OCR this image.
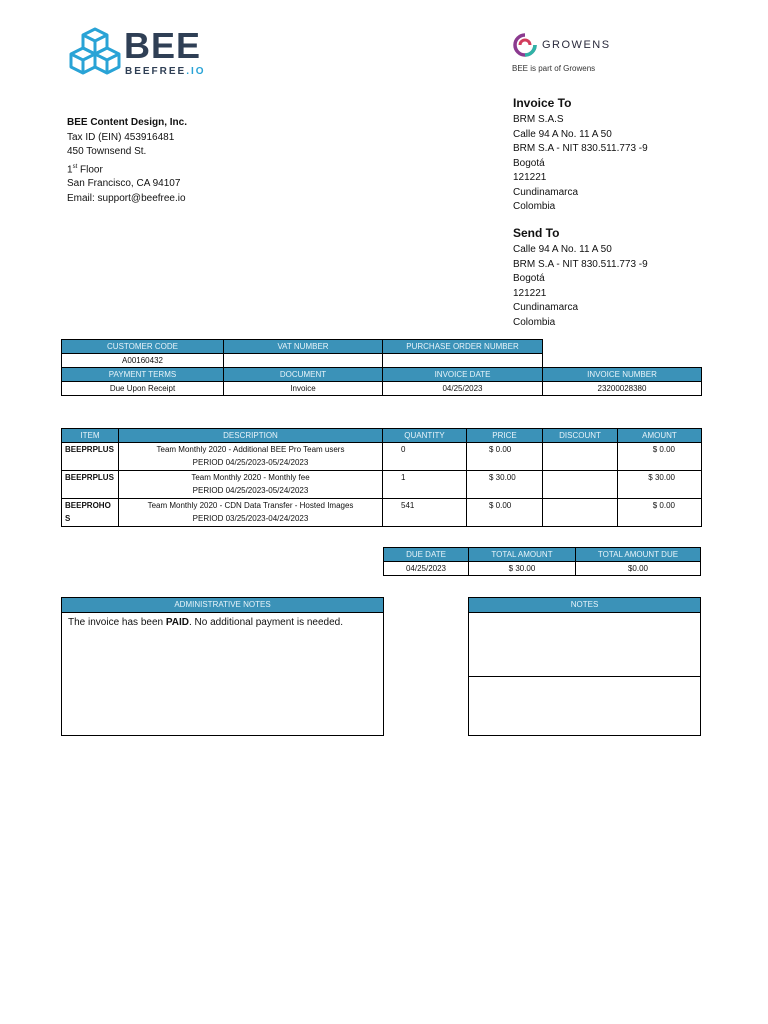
BEE
BEEFREE.IO
GROWENS
BEE is part of Growens
BEE Content Design, Inc.
Tax ID (EIN) 453916481
450 Townsend St.
1st Floor
San Francisco, CA 94107
Email: support@beefree.io
Invoice To
BRM S.A.S
Calle 94 A No. 11 A 50
BRM S.A - NIT 830.511.773 -9
Bogotá
121221
Cundinamarca
Colombia
Send To
Calle 94 A No. 11 A 50
BRM S.A - NIT 830.511.773 -9
Bogotá
121221
Cundinamarca
Colombia
CUSTOMER CODE	VAT NUMBER	PURCHASE ORDER NUMBER	
A00160432			
PAYMENT TERMS	DOCUMENT	INVOICE DATE	INVOICE NUMBER
Due Upon Receipt	Invoice	04/25/2023	23200028380
ITEM	DESCRIPTION	QUANTITY	PRICE	DISCOUNT	AMOUNT
BEEPRPLUS	Team Monthly 2020 - Additional BEE Pro Team users
PERIOD 04/25/2023-05/24/2023	0	$ 0.00		$ 0.00
BEEPRPLUS	Team Monthly 2020 - Monthly fee
PERIOD 04/25/2023-05/24/2023	1	$ 30.00		$ 30.00
BEEPROHO S	Team Monthly 2020 - CDN Data Transfer - Hosted Images
PERIOD 03/25/2023-04/24/2023	541	$ 0.00		$ 0.00
DUE DATE	TOTAL AMOUNT	TOTAL AMOUNT DUE
04/25/2023	$ 30.00	$0.00
ADMINISTRATIVE NOTES
The invoice has been PAID. No additional payment is needed.
NOTES
